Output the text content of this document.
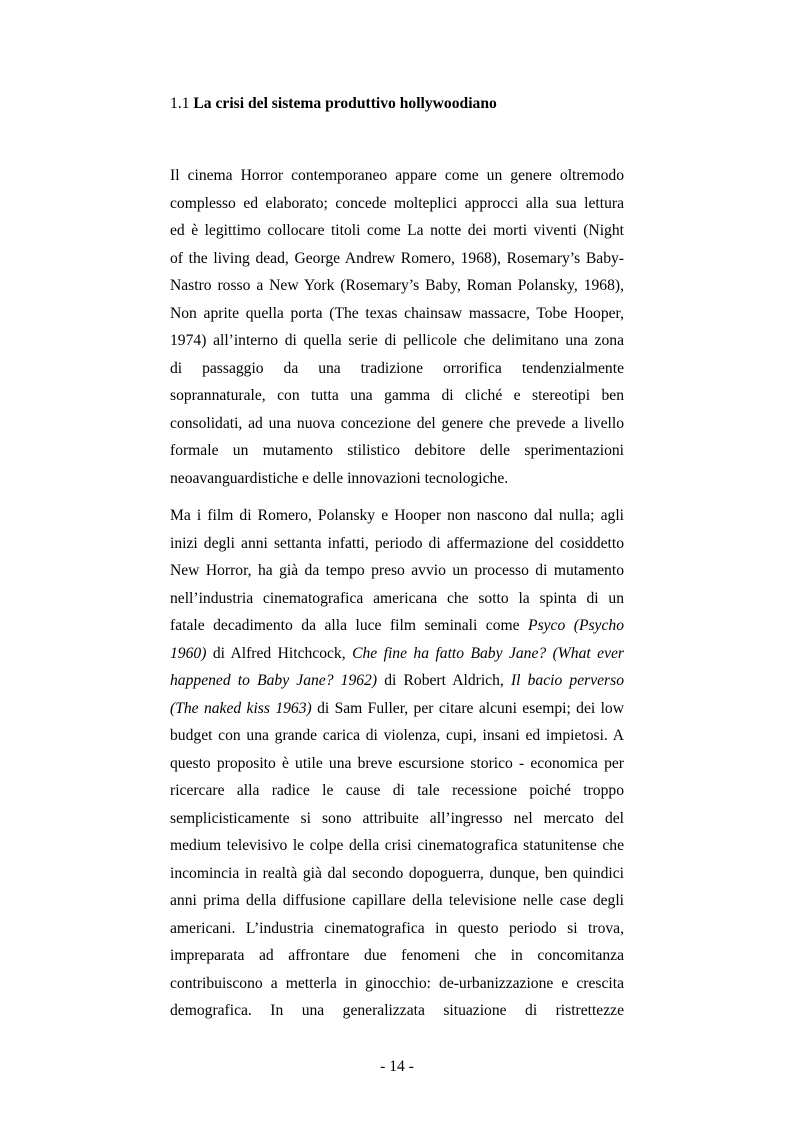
1.1 La crisi del sistema produttivo hollywoodiano
Il cinema Horror contemporaneo appare come un genere oltremodo
complesso ed elaborato; concede molteplici approcci alla sua lettura
ed è legittimo collocare titoli come La notte dei morti viventi (Night
of the living dead, George Andrew Romero, 1968), Rosemary’s Baby-
Nastro rosso a New York (Rosemary’s Baby, Roman Polansky, 1968),
Non aprite quella porta (The texas chainsaw massacre, Tobe Hooper,
1974) all’interno di quella serie di pellicole che delimitano una zona
di passaggio da una tradizione orrorifica tendenzialmente
soprannaturale, con tutta una gamma di cliché e stereotipi ben
consolidati, ad una nuova concezione del genere che prevede a livello
formale un mutamento stilistico debitore delle sperimentazioni
neoavanguardistiche e delle innovazioni tecnologiche.
Ma i film di Romero, Polansky e Hooper non nascono dal nulla; agli
inizi degli anni settanta infatti, periodo di affermazione del cosiddetto
New Horror, ha già da tempo preso avvio un processo di mutamento
nell’industria cinematografica americana che sotto la spinta di un
fatale decadimento da alla luce film seminali come Psyco (Psycho
1960) di Alfred Hitchcock, Che fine ha fatto Baby Jane? (What ever
happened to Baby Jane? 1962) di Robert Aldrich, Il bacio perverso
(The naked kiss 1963) di Sam Fuller, per citare alcuni esempi; dei low
budget con una grande carica di violenza, cupi, insani ed impietosi. A
questo proposito è utile una breve escursione storico - economica per
ricercare alla radice le cause di tale recessione poiché troppo
semplicisticamente si sono attribuite all’ingresso nel mercato del
medium televisivo le colpe della crisi cinematografica statunitense che
incomincia in realtà già dal secondo dopoguerra, dunque, ben quindici
anni prima della diffusione capillare della televisione nelle case degli
americani. L’industria cinematografica in questo periodo si trova,
impreparata ad affrontare due fenomeni che in concomitanza
contribuiscono a metterla in ginocchio: de-urbanizzazione e crescita
demografica. In una generalizzata situazione di ristrettezze
- 14 -
